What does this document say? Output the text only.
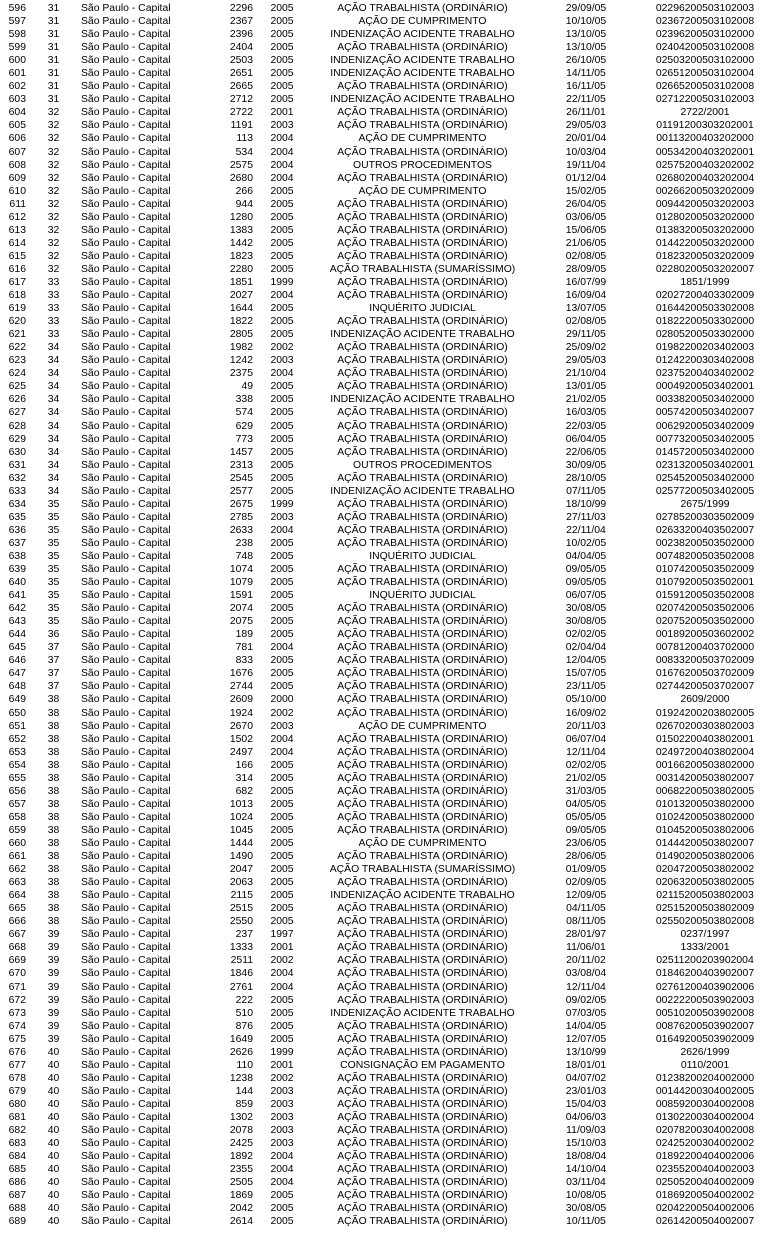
596	31	São Paulo - Capital	2296	2005	AÇÃO TRABALHISTA (ORDINÁRIO)	29/09/05	02296200503102003
597	31	São Paulo - Capital	2367	2005	AÇÃO DE CUMPRIMENTO	10/10/05	02367200503102008
598	31	São Paulo - Capital	2396	2005	INDENIZAÇÃO ACIDENTE TRABALHO	13/10/05	02396200503102000
599	31	São Paulo - Capital	2404	2005	AÇÃO TRABALHISTA (ORDINÁRIO)	13/10/05	02404200503102008
600	31	São Paulo - Capital	2503	2005	INDENIZAÇÃO ACIDENTE TRABALHO	26/10/05	02503200503102000
601	31	São Paulo - Capital	2651	2005	INDENIZAÇÃO ACIDENTE TRABALHO	14/11/05	02651200503102004
602	31	São Paulo - Capital	2665	2005	AÇÃO TRABALHISTA (ORDINÁRIO)	16/11/05	02665200503102008
603	31	São Paulo - Capital	2712	2005	INDENIZAÇÃO ACIDENTE TRABALHO	22/11/05	02712200503102003
604	32	São Paulo - Capital	2722	2001	AÇÃO TRABALHISTA (ORDINÁRIO)	26/11/01	2722/2001
605	32	São Paulo - Capital	1191	2003	AÇÃO TRABALHISTA (ORDINÁRIO)	29/05/03	01191200303202001
606	32	São Paulo - Capital	113	2004	AÇÃO DE CUMPRIMENTO	20/01/04	00113200403202000
607	32	São Paulo - Capital	534	2004	AÇÃO TRABALHISTA (ORDINÁRIO)	10/03/04	00534200403202001
608	32	São Paulo - Capital	2575	2004	OUTROS PROCEDIMENTOS	19/11/04	02575200403202002
609	32	São Paulo - Capital	2680	2004	AÇÃO TRABALHISTA (ORDINÁRIO)	01/12/04	02680200403202004
610	32	São Paulo - Capital	266	2005	AÇÃO DE CUMPRIMENTO	15/02/05	00266200503202009
611	32	São Paulo - Capital	944	2005	AÇÃO TRABALHISTA (ORDINÁRIO)	26/04/05	00944200503202003
612	32	São Paulo - Capital	1280	2005	AÇÃO TRABALHISTA (ORDINÁRIO)	03/06/05	01280200503202000
613	32	São Paulo - Capital	1383	2005	AÇÃO TRABALHISTA (ORDINÁRIO)	15/06/05	01383200503202000
614	32	São Paulo - Capital	1442	2005	AÇÃO TRABALHISTA (ORDINÁRIO)	21/06/05	01442200503202000
615	32	São Paulo - Capital	1823	2005	AÇÃO TRABALHISTA (ORDINÁRIO)	02/08/05	01823200503202009
616	32	São Paulo - Capital	2280	2005	AÇÃO TRABALHISTA (SUMARÍSSIMO)	28/09/05	02280200503202007
617	33	São Paulo - Capital	1851	1999	AÇÃO TRABALHISTA (ORDINÁRIO)	16/07/99	1851/1999
618	33	São Paulo - Capital	2027	2004	AÇÃO TRABALHISTA (ORDINÁRIO)	16/09/04	02027200403302009
619	33	São Paulo - Capital	1644	2005	INQUÉRITO JUDICIAL	13/07/05	01644200503302008
620	33	São Paulo - Capital	1822	2005	AÇÃO TRABALHISTA (ORDINÁRIO)	02/08/05	01822200503302000
621	33	São Paulo - Capital	2805	2005	INDENIZAÇÃO ACIDENTE TRABALHO	29/11/05	02805200503302000
622	34	São Paulo - Capital	1982	2002	AÇÃO TRABALHISTA (ORDINÁRIO)	25/09/02	01982200203402003
623	34	São Paulo - Capital	1242	2003	AÇÃO TRABALHISTA (ORDINÁRIO)	29/05/03	01242200303402008
624	34	São Paulo - Capital	2375	2004	AÇÃO TRABALHISTA (ORDINÁRIO)	21/10/04	02375200403402002
625	34	São Paulo - Capital	49	2005	AÇÃO TRABALHISTA (ORDINÁRIO)	13/01/05	00049200503402001
626	34	São Paulo - Capital	338	2005	INDENIZAÇÃO ACIDENTE TRABALHO	21/02/05	00338200503402000
627	34	São Paulo - Capital	574	2005	AÇÃO TRABALHISTA (ORDINÁRIO)	16/03/05	00574200503402007
628	34	São Paulo - Capital	629	2005	AÇÃO TRABALHISTA (ORDINÁRIO)	22/03/05	00629200503402009
629	34	São Paulo - Capital	773	2005	AÇÃO TRABALHISTA (ORDINÁRIO)	06/04/05	00773200503402005
630	34	São Paulo - Capital	1457	2005	AÇÃO TRABALHISTA (ORDINÁRIO)	22/06/05	01457200503402000
631	34	São Paulo - Capital	2313	2005	OUTROS PROCEDIMENTOS	30/09/05	02313200503402001
632	34	São Paulo - Capital	2545	2005	AÇÃO TRABALHISTA (ORDINÁRIO)	28/10/05	02545200503402000
633	34	São Paulo - Capital	2577	2005	INDENIZAÇÃO ACIDENTE TRABALHO	07/11/05	02577200503402005
634	35	São Paulo - Capital	2675	1999	AÇÃO TRABALHISTA (ORDINÁRIO)	18/10/99	2675/1999
635	35	São Paulo - Capital	2785	2003	AÇÃO TRABALHISTA (ORDINÁRIO)	27/11/03	02785200303502009
636	35	São Paulo - Capital	2633	2004	AÇÃO TRABALHISTA (ORDINÁRIO)	22/11/04	02633200403502007
637	35	São Paulo - Capital	238	2005	AÇÃO TRABALHISTA (ORDINÁRIO)	10/02/05	00238200503502000
638	35	São Paulo - Capital	748	2005	INQUÉRITO JUDICIAL	04/04/05	00748200503502008
639	35	São Paulo - Capital	1074	2005	AÇÃO TRABALHISTA (ORDINÁRIO)	09/05/05	01074200503502009
640	35	São Paulo - Capital	1079	2005	AÇÃO TRABALHISTA (ORDINÁRIO)	09/05/05	01079200503502001
641	35	São Paulo - Capital	1591	2005	INQUÉRITO JUDICIAL	06/07/05	01591200503502008
642	35	São Paulo - Capital	2074	2005	AÇÃO TRABALHISTA (ORDINÁRIO)	30/08/05	02074200503502006
643	35	São Paulo - Capital	2075	2005	AÇÃO TRABALHISTA (ORDINÁRIO)	30/08/05	02075200503502000
644	36	São Paulo - Capital	189	2005	AÇÃO TRABALHISTA (ORDINÁRIO)	02/02/05	00189200503602002
645	37	São Paulo - Capital	781	2004	AÇÃO TRABALHISTA (ORDINÁRIO)	02/04/04	00781200403702000
646	37	São Paulo - Capital	833	2005	AÇÃO TRABALHISTA (ORDINÁRIO)	12/04/05	00833200503702009
647	37	São Paulo - Capital	1676	2005	AÇÃO TRABALHISTA (ORDINÁRIO)	15/07/05	01676200503702009
648	37	São Paulo - Capital	2744	2005	AÇÃO TRABALHISTA (ORDINÁRIO)	23/11/05	02744200503702007
649	38	São Paulo - Capital	2609	2000	AÇÃO TRABALHISTA (ORDINÁRIO)	05/10/00	2609/2000
650	38	São Paulo - Capital	1924	2002	AÇÃO TRABALHISTA (ORDINÁRIO)	16/09/02	01924200203802005
651	38	São Paulo - Capital	2670	2003	AÇÃO DE CUMPRIMENTO	20/11/03	02670200303802003
652	38	São Paulo - Capital	1502	2004	AÇÃO TRABALHISTA (ORDINÁRIO)	06/07/04	01502200403802001
653	38	São Paulo - Capital	2497	2004	AÇÃO TRABALHISTA (ORDINÁRIO)	12/11/04	02497200403802004
654	38	São Paulo - Capital	166	2005	AÇÃO TRABALHISTA (ORDINÁRIO)	02/02/05	00166200503802000
655	38	São Paulo - Capital	314	2005	AÇÃO TRABALHISTA (ORDINÁRIO)	21/02/05	00314200503802007
656	38	São Paulo - Capital	682	2005	AÇÃO TRABALHISTA (ORDINÁRIO)	31/03/05	00682200503802005
657	38	São Paulo - Capital	1013	2005	AÇÃO TRABALHISTA (ORDINÁRIO)	04/05/05	01013200503802000
658	38	São Paulo - Capital	1024	2005	AÇÃO TRABALHISTA (ORDINÁRIO)	05/05/05	01024200503802000
659	38	São Paulo - Capital	1045	2005	AÇÃO TRABALHISTA (ORDINÁRIO)	09/05/05	01045200503802006
660	38	São Paulo - Capital	1444	2005	AÇÃO DE CUMPRIMENTO	23/06/05	01444200503802007
661	38	São Paulo - Capital	1490	2005	AÇÃO TRABALHISTA (ORDINÁRIO)	28/06/05	01490200503802006
662	38	São Paulo - Capital	2047	2005	AÇÃO TRABALHISTA (SUMARÍSSIMO)	01/09/05	02047200503802002
663	38	São Paulo - Capital	2063	2005	AÇÃO TRABALHISTA (ORDINÁRIO)	02/09/05	02063200503802005
664	38	São Paulo - Capital	2115	2005	INDENIZAÇÃO ACIDENTE TRABALHO	12/09/05	02115200503802003
665	38	São Paulo - Capital	2515	2005	AÇÃO TRABALHISTA (ORDINÁRIO)	04/11/05	02515200503802009
666	38	São Paulo - Capital	2550	2005	AÇÃO TRABALHISTA (ORDINÁRIO)	08/11/05	02550200503802008
667	39	São Paulo - Capital	237	1997	AÇÃO TRABALHISTA (ORDINÁRIO)	28/01/97	0237/1997
668	39	São Paulo - Capital	1333	2001	AÇÃO TRABALHISTA (ORDINÁRIO)	11/06/01	1333/2001
669	39	São Paulo - Capital	2511	2002	AÇÃO TRABALHISTA (ORDINÁRIO)	20/11/02	02511200203902004
670	39	São Paulo - Capital	1846	2004	AÇÃO TRABALHISTA (ORDINÁRIO)	03/08/04	01846200403902007
671	39	São Paulo - Capital	2761	2004	AÇÃO TRABALHISTA (ORDINÁRIO)	12/11/04	02761200403902006
672	39	São Paulo - Capital	222	2005	AÇÃO TRABALHISTA (ORDINÁRIO)	09/02/05	00222200503902003
673	39	São Paulo - Capital	510	2005	INDENIZAÇÃO ACIDENTE TRABALHO	07/03/05	00510200503902008
674	39	São Paulo - Capital	876	2005	AÇÃO TRABALHISTA (ORDINÁRIO)	14/04/05	00876200503902007
675	39	São Paulo - Capital	1649	2005	AÇÃO TRABALHISTA (ORDINÁRIO)	12/07/05	01649200503902009
676	40	São Paulo - Capital	2626	1999	AÇÃO TRABALHISTA (ORDINÁRIO)	13/10/99	2626/1999
677	40	São Paulo - Capital	110	2001	CONSIGNAÇÃO EM PAGAMENTO	18/01/01	0110/2001
678	40	São Paulo - Capital	1238	2002	AÇÃO TRABALHISTA (ORDINÁRIO)	04/07/02	01238200204002000
679	40	São Paulo - Capital	144	2003	AÇÃO TRABALHISTA (ORDINÁRIO)	23/01/03	00144200304002005
680	40	São Paulo - Capital	859	2003	AÇÃO TRABALHISTA (ORDINÁRIO)	15/04/03	00859200304002008
681	40	São Paulo - Capital	1302	2003	AÇÃO TRABALHISTA (ORDINÁRIO)	04/06/03	01302200304002004
682	40	São Paulo - Capital	2078	2003	AÇÃO TRABALHISTA (ORDINÁRIO)	11/09/03	02078200304002008
683	40	São Paulo - Capital	2425	2003	AÇÃO TRABALHISTA (ORDINÁRIO)	15/10/03	02425200304002002
684	40	São Paulo - Capital	1892	2004	AÇÃO TRABALHISTA (ORDINÁRIO)	18/08/04	01892200404002006
685	40	São Paulo - Capital	2355	2004	AÇÃO TRABALHISTA (ORDINÁRIO)	14/10/04	02355200404002003
686	40	São Paulo - Capital	2505	2004	AÇÃO TRABALHISTA (ORDINÁRIO)	03/11/04	02505200404002009
687	40	São Paulo - Capital	1869	2005	AÇÃO TRABALHISTA (ORDINÁRIO)	10/08/05	01869200504002002
688	40	São Paulo - Capital	2042	2005	AÇÃO TRABALHISTA (ORDINÁRIO)	30/08/05	02042200504002006
689	40	São Paulo - Capital	2614	2005	AÇÃO TRABALHISTA (ORDINÁRIO)	10/11/05	02614200504002007
